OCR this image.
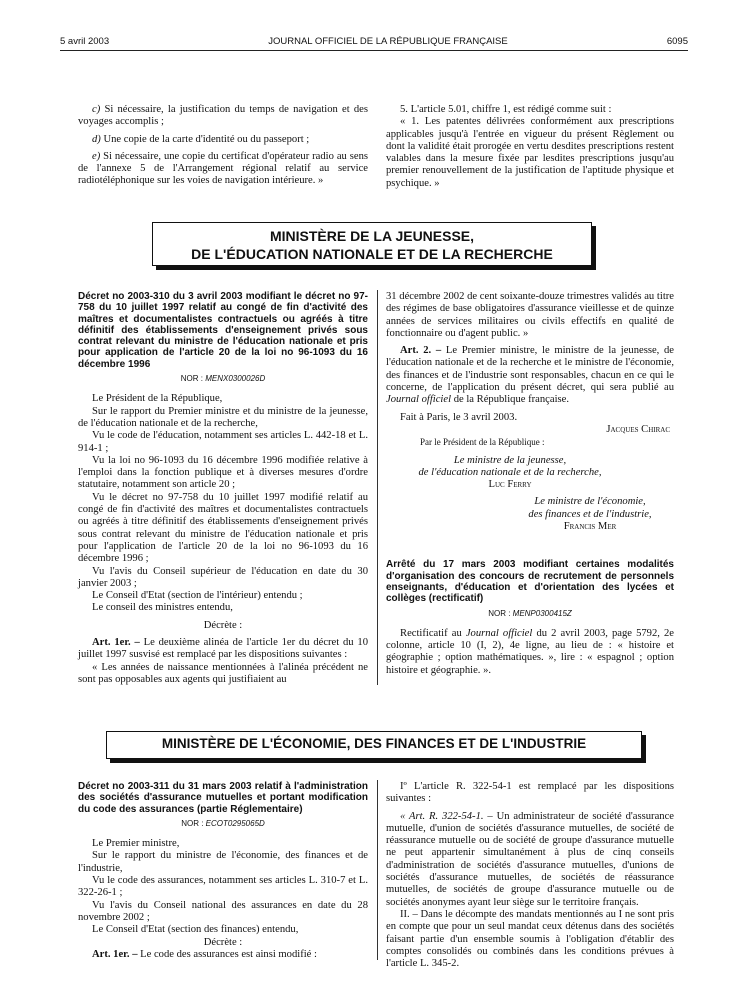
5 avril 2003	JOURNAL OFFICIEL DE LA RÉPUBLIQUE FRANÇAISE	6095

c) Si nécessaire, la justification du temps de navigation et des voyages accomplis ;

d) Une copie de la carte d'identité ou du passeport ;

e) Si nécessaire, une copie du certificat d'opérateur radio au sens de l'annexe 5 de l'Arrangement régional relatif au service radiotéléphonique sur les voies de navigation intérieure. »

5. L'article 5.01, chiffre 1, est rédigé comme suit :

« 1. Les patentes délivrées conformément aux prescriptions applicables jusqu'à l'entrée en vigueur du présent Règlement ou dont la validité était prorogée en vertu desdites prescriptions restent valables dans la mesure fixée par lesdites prescriptions jusqu'au premier renouvellement de la justification de l'aptitude physique et psychique. »

MINISTÈRE DE LA JEUNESSE,
DE L'ÉDUCATION NATIONALE ET DE LA RECHERCHE

Décret no 2003-310 du 3 avril 2003 modifiant le décret no 97-758 du 10 juillet 1997 relatif au congé de fin d'activité des maîtres et documentalistes contractuels ou agréés à titre définitif des établissements d'enseignement privés sous contrat relevant du ministre de l'éducation nationale et pris pour application de l'article 20 de la loi no 96-1093 du 16 décembre 1996

NOR : MENX0300026D

Le Président de la République,

Sur le rapport du Premier ministre et du ministre de la jeunesse, de l'éducation nationale et de la recherche,

Vu le code de l'éducation, notamment ses articles L. 442-18 et L. 914-1 ;

Vu la loi no 96-1093 du 16 décembre 1996 modifiée relative à l'emploi dans la fonction publique et à diverses mesures d'ordre statutaire, notamment son article 20 ;

Vu le décret no 97-758 du 10 juillet 1997 modifié relatif au congé de fin d'activité des maîtres et documentalistes contractuels ou agréés à titre définitif des établissements d'enseignement privés sous contrat relevant du ministre de l'éducation nationale et pris pour l'application de l'article 20 de la loi no 96-1093 du 16 décembre 1996 ;

Vu l'avis du Conseil supérieur de l'éducation en date du 30 janvier 2003 ;

Le Conseil d'Etat (section de l'intérieur) entendu ;

Le conseil des ministres entendu,

Décrète :

Art. 1er. – Le deuxième alinéa de l'article 1er du décret du 10 juillet 1997 susvisé est remplacé par les dispositions suivantes :

« Les années de naissance mentionnées à l'alinéa précédent ne sont pas opposables aux agents qui justifiaient au

31 décembre 2002 de cent soixante-douze trimestres validés au titre des régimes de base obligatoires d'assurance vieillesse et de quinze années de services militaires ou civils effectifs en qualité de fonctionnaire ou d'agent public. »

Art. 2. – Le Premier ministre, le ministre de la jeunesse, de l'éducation nationale et de la recherche et le ministre de l'économie, des finances et de l'industrie sont responsables, chacun en ce qui le concerne, de l'application du présent décret, qui sera publié au Journal officiel de la République française.

Fait à Paris, le 3 avril 2003.

Jacques Chirac

Par le Président de la République :

Le ministre de la jeunesse,

de l'éducation nationale et de la recherche,

Luc Ferry

Le ministre de l'économie,

des finances et de l'industrie,

Francis Mer

Arrêté du 17 mars 2003 modifiant certaines modalités d'organisation des concours de recrutement de personnels enseignants, d'éducation et d'orientation des lycées et collèges (rectificatif)

NOR : MENP0300415Z

Rectificatif au Journal officiel du 2 avril 2003, page 5792, 2e colonne, article 10 (I, 2), 4e ligne, au lieu de : « histoire et géographie ; option mathématiques. », lire : « espagnol ; option histoire et géographie. ».

MINISTÈRE DE L'ÉCONOMIE, DES FINANCES ET DE L'INDUSTRIE

Décret no 2003-311 du 31 mars 2003 relatif à l'administration des sociétés d'assurance mutuelles et portant modification du code des assurances (partie Réglementaire)

NOR : ECOT0295065D

Le Premier ministre,

Sur le rapport du ministre de l'économie, des finances et de l'industrie,

Vu le code des assurances, notamment ses articles L. 310-7 et L. 322-26-1 ;

Vu l'avis du Conseil national des assurances en date du 28 novembre 2002 ;

Le Conseil d'Etat (section des finances) entendu,

Décrète :

Art. 1er. – Le code des assurances est ainsi modifié :

Iº L'article R. 322-54-1 est remplacé par les dispositions suivantes :

« Art. R. 322-54-1. – Un administrateur de société d'assurance mutuelle, d'union de sociétés d'assurance mutuelles, de société de réassurance mutuelle ou de société de groupe d'assurance mutuelle ne peut appartenir simultanément à plus de cinq conseils d'administration de sociétés d'assurance mutuelles, d'unions de sociétés d'assurance mutuelles, de sociétés de réassurance mutuelles, de sociétés de groupe d'assurance mutuelle ou de sociétés anonymes ayant leur siège sur le territoire français.

II. – Dans le décompte des mandats mentionnés au I ne sont pris en compte que pour un seul mandat ceux détenus dans des sociétés faisant partie d'un ensemble soumis à l'obligation d'établir des comptes consolidés ou combinés dans les conditions prévues à l'article L. 345-2.
